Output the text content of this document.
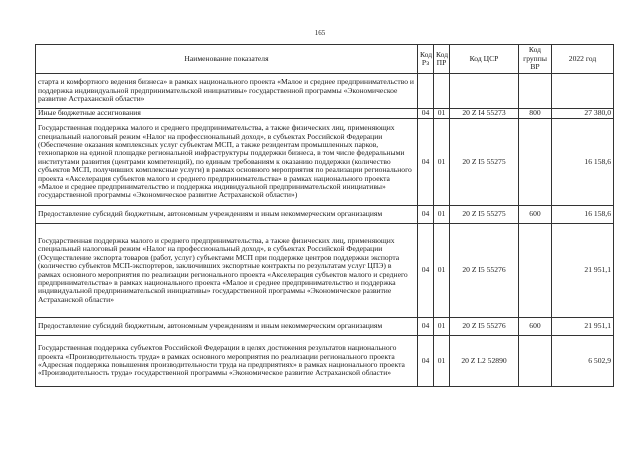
165
Наименование показателя	Код Рз	Код ПР	Код ЦСР	Код группы ВР	2022 год
старта и комфортного ведения бизнеса» в рамках национального проекта «Малое и среднее предпринимательство и поддержка индивидуальной предпринимательской инициативы» государственной программы «Экономическое развитие Астраханской области»					
Иные бюджетные ассигнования	04	01	20 Z I4 55273	800	27 380,0
Государственная поддержка малого и среднего предпринимательства, а также физических лиц, применяющих специальный налоговый режим «Налог на профессиональный доход», в субъектах Российской Федерации (Обеспечение оказания комплексных услуг субъектам МСП, а также резидентам промышленных парков, технопарков на единой площадке региональной инфраструктуры поддержки бизнеса, в том числе федеральными институтами развития (центрами компетенций), по единым требованиям к оказанию поддержки (количество субъектов МСП, получивших комплексные услуги) в рамках основного мероприятия по реализации регионального проекта «Акселерация субъектов малого и среднего предпринимательства» в рамках национального проекта «Малое и среднее предпринимательство и поддержка индивидуальной предпринимательской инициативы» государственной программы «Экономическое развитие Астраханской области»)	04	01	20 Z I5 55275		16 158,6
Предоставление субсидий бюджетным, автономным учреждениям и иным некоммерческим организациям	04	01	20 Z I5 55275	600	16 158,6
Государственная поддержка малого и среднего предпринимательства, а также физических лиц, применяющих специальный налоговый режим «Налог на профессиональный доход», в субъектах Российской Федерации (Осуществление экспорта товаров (работ, услуг) субъектами МСП при поддержке центров поддержки экспорта (количество субъектов МСП-экспортеров, заключивших экспортные контракты по результатам услуг ЦПЭ) в рамках основного мероприятия по реализации регионального проекта «Акселерация субъектов малого и среднего предпринимательства» в рамках национального проекта «Малое и среднее предпринимательство и поддержка индивидуальной предпринимательской инициативы» государственной программы «Экономическое развитие Астраханской области»	04	01	20 Z I5 55276		21 951,1
Предоставление субсидий бюджетным, автономным учреждениям и иным некоммерческим организациям	04	01	20 Z I5 55276	600	21 951,1
Государственная поддержка субъектов Российской Федерации в целях достижения результатов национального проекта «Производительность труда» в рамках основного мероприятия по реализации регионального проекта «Адресная поддержка повышения производительности труда на предприятиях» в рамках национального проекта «Производительность труда» государственной программы «Экономическое развитие Астраханской области»	04	01	20 Z L2 52890		6 502,9
